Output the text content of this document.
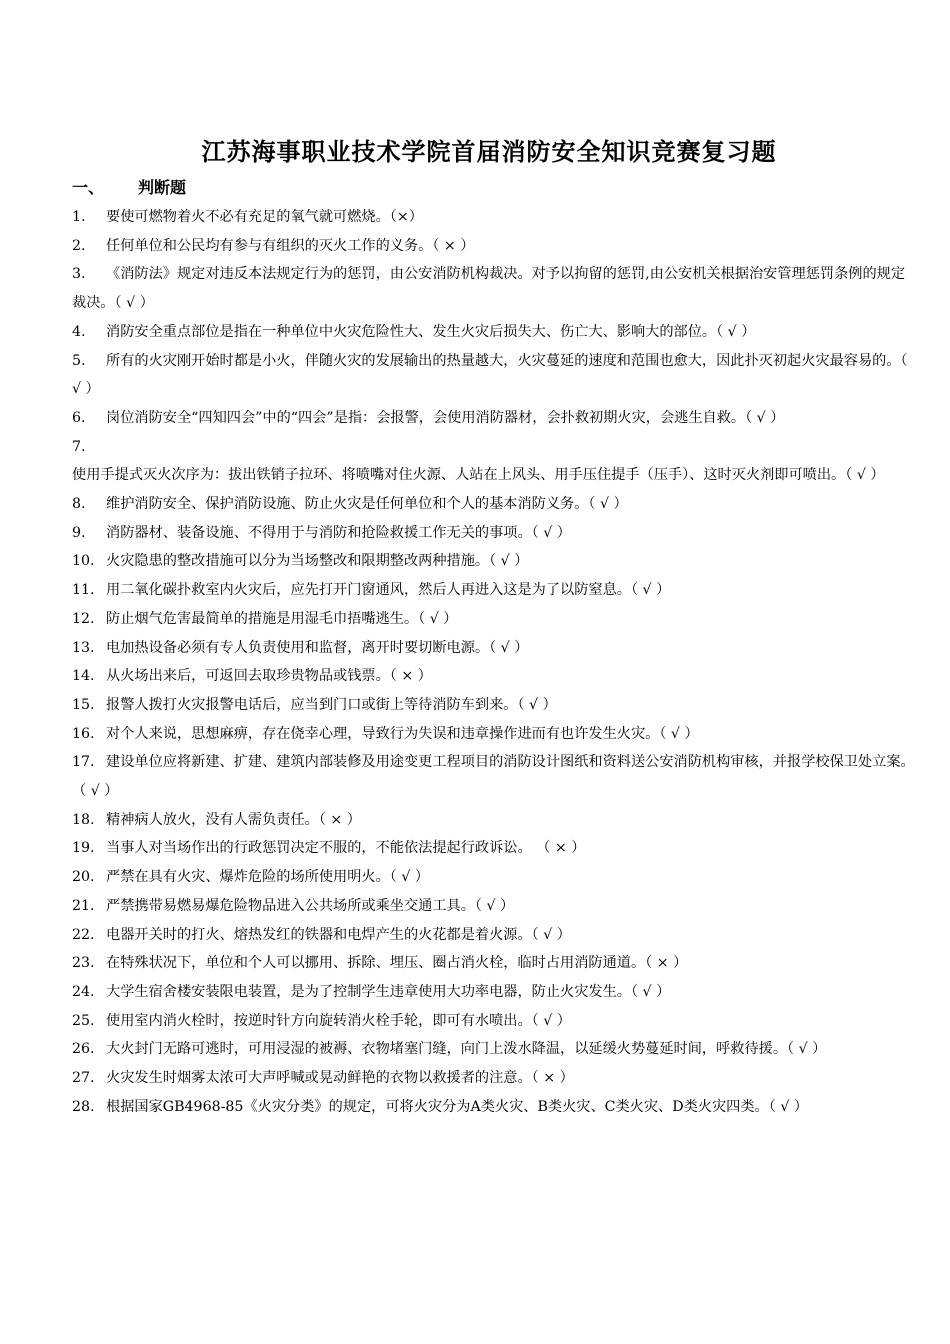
江苏海事职业技术学院首届消防安全知识竞赛复习题
一、 判断题
1. 要使可燃物着火不必有充足的氧气就可燃烧。（×）
2. 任何单位和公民均有参与有组织的灭火工作的义务。（ × ）
3. 《消防法》规定对违反本法规定行为的惩罚，由公安消防机构裁决。对予以拘留的惩罚,由公安机关根据治安管理惩罚条例的规定裁决。（ √ ）
4. 消防安全重点部位是指在一种单位中火灾危险性大、发生火灾后损失大、伤亡大、影响大的部位。（ √ ）
5. 所有的火灾刚开始时都是小火，伴随火灾的发展输出的热量越大，火灾蔓延的速度和范围也愈大，因此扑灭初起火灾最容易的。（ √ ）
6. 岗位消防安全“四知四会”中的“四会”是指：会报警，会使用消防器材，会扑救初期火灾，会逃生自救。（ √ ）
7.使用手提式灭火次序为：拔出铁销子拉环、将喷嘴对住火源、人站在上风头、用手压住提手（压手）、这时灭火剂即可喷出。（ √ ）
8. 维护消防安全、保护消防设施、防止火灾是任何单位和个人的基本消防义务。（ √ ）
9. 消防器材、装备设施、不得用于与消防和抢险救援工作无关的事项。（ √ ）
10. 火灾隐患的整改措施可以分为当场整改和限期整改两种措施。（ √ ）
11. 用二氧化碳扑救室内火灾后，应先打开门窗通风，然后人再进入这是为了以防窒息。（ √ ）
12. 防止烟气危害最简单的措施是用湿毛巾捂嘴逃生。（ √ ）
13. 电加热设备必须有专人负责使用和监督，离开时要切断电源。（ √ ）
14. 从火场出来后，可返回去取珍贵物品或钱票。（ × ）
15. 报警人拨打火灾报警电话后，应当到门口或街上等待消防车到来。（ √ ）
16. 对个人来说，思想麻痹，存在侥幸心理，导致行为失误和违章操作进而有也许发生火灾。（ √ ）
17. 建设单位应将新建、扩建、建筑内部装修及用途变更工程项目的消防设计图纸和资料送公安消防机构审核，并报学校保卫处立案。（ √ ）
18. 精神病人放火，没有人需负责任。（ × ）
19. 当事人对当场作出的行政惩罚决定不服的，不能依法提起行政诉讼。 （ × ）
20. 严禁在具有火灾、爆炸危险的场所使用明火。（ √ ）
21. 严禁携带易燃易爆危险物品进入公共场所或乘坐交通工具。（ √ ）
22. 电器开关时的打火、熔热发红的铁器和电焊产生的火花都是着火源。（ √ ）
23. 在特殊状况下，单位和个人可以挪用、拆除、埋压、圈占消火栓，临时占用消防通道。（ × ）
24. 大学生宿舍楼安装限电装置，是为了控制学生违章使用大功率电器，防止火灾发生。（ √ ）
25. 使用室内消火栓时，按逆时针方向旋转消火栓手轮，即可有水喷出。（ √ ）
26. 大火封门无路可逃时，可用浸湿的被褥、衣物堵塞门缝，向门上泼水降温，以延缓火势蔓延时间，呼救待援。（ √ ）
27. 火灾发生时烟雾太浓可大声呼喊或晃动鲜艳的衣物以救援者的注意。（ × ）
28. 根据国家GB4968-85《火灾分类》的规定，可将火灾分为A类火灾、B类火灾、C类火灾、D类火灾四类。（ √ ）
